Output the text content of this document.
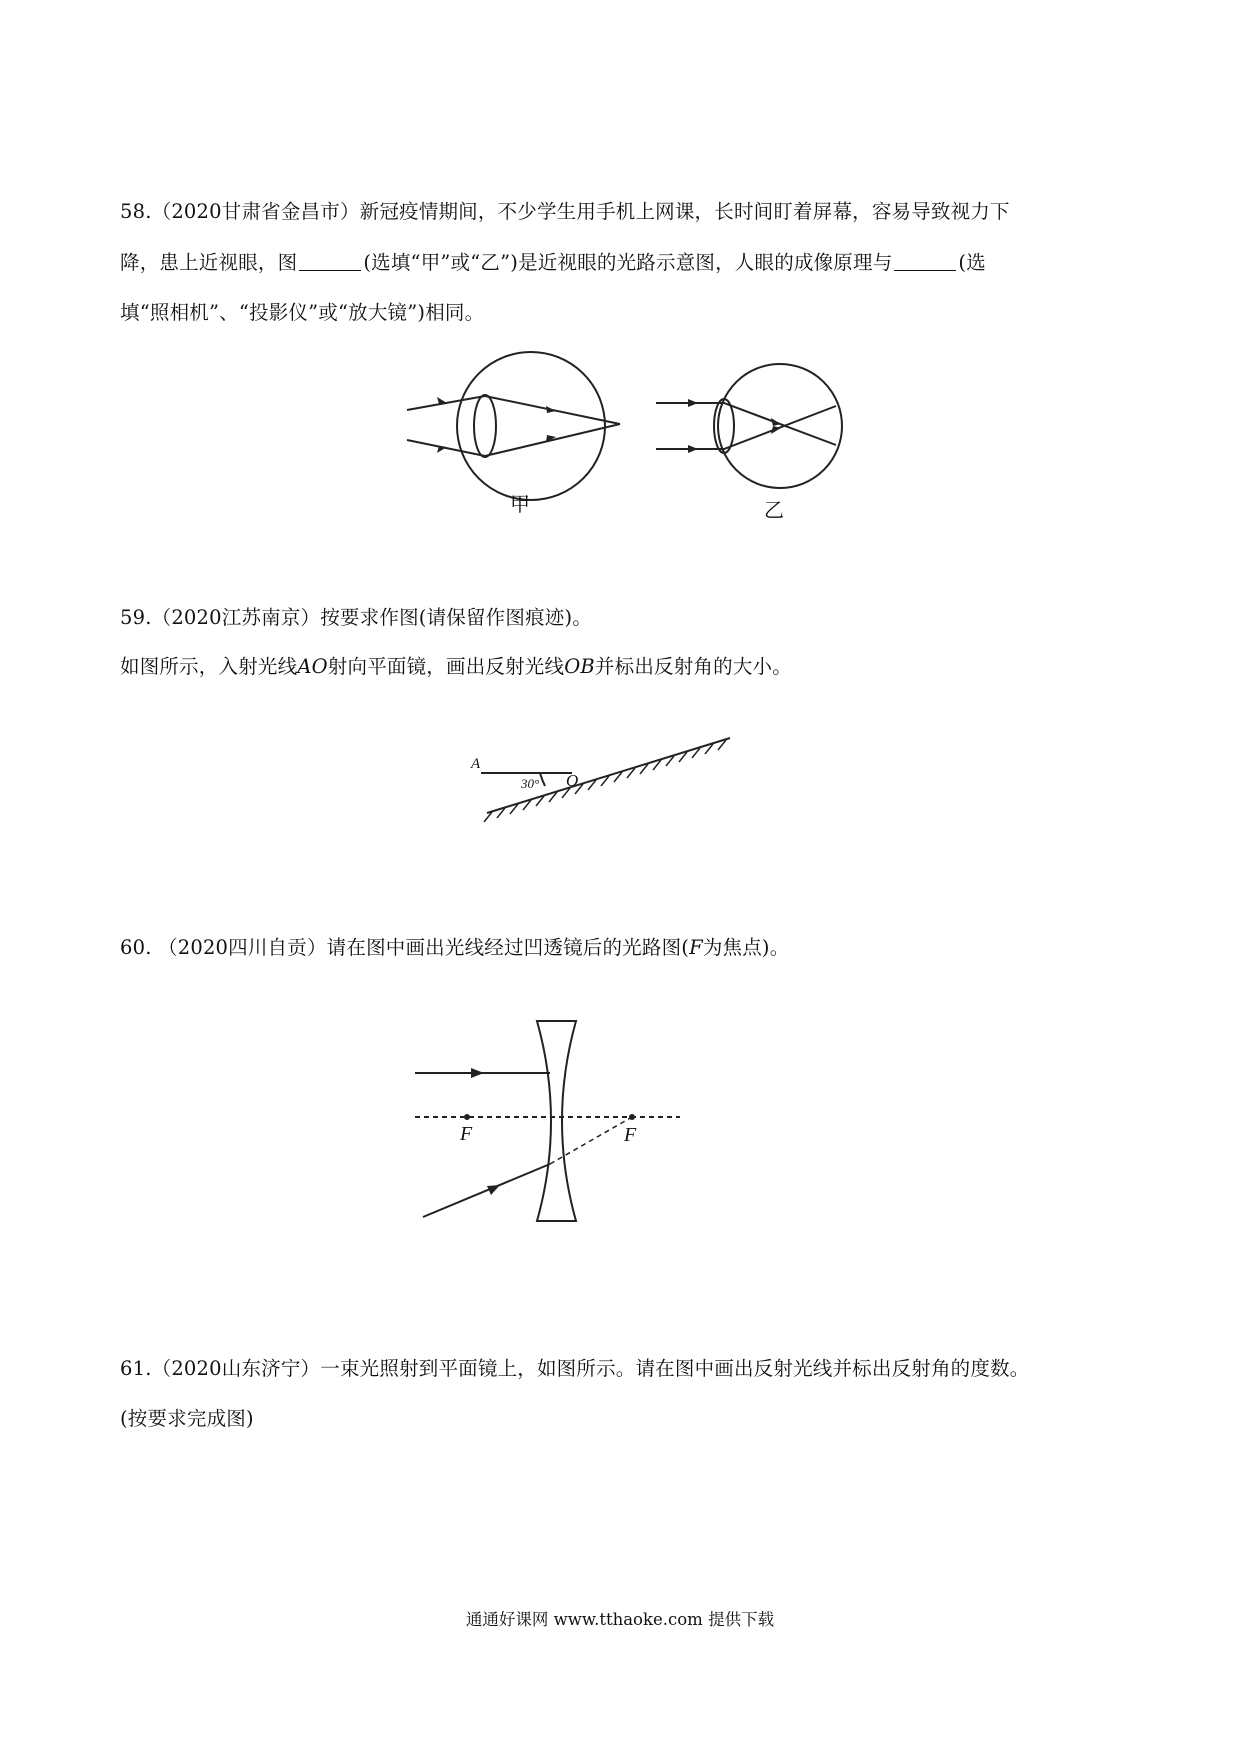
58.（2020甘肃省金昌市）新冠疫情期间，不少学生用手机上网课，长时间盯着屏幕，容易导致视力下
降，患上近视眼，图	(选填“甲”或“乙”)是近视眼的光路示意图，人眼的成像原理与	(选
填“照相机”、“投影仪”或“放大镜”)相同。
甲	乙
59.（2020江苏南京）按要求作图(请保留作图痕迹)。
如图所示，入射光线AO射向平面镜，画出反射光线OB并标出反射角的大小。
A
30° O
60. （2020四川自贡）请在图中画出光线经过凹透镜后的光路图(F为焦点)。
F	F
61.（2020山东济宁）一束光照射到平面镜上，如图所示。请在图中画出反射光线并标出反射角的度数。
(按要求完成图)
通通好课网 www.tthaoke.com 提供下载
